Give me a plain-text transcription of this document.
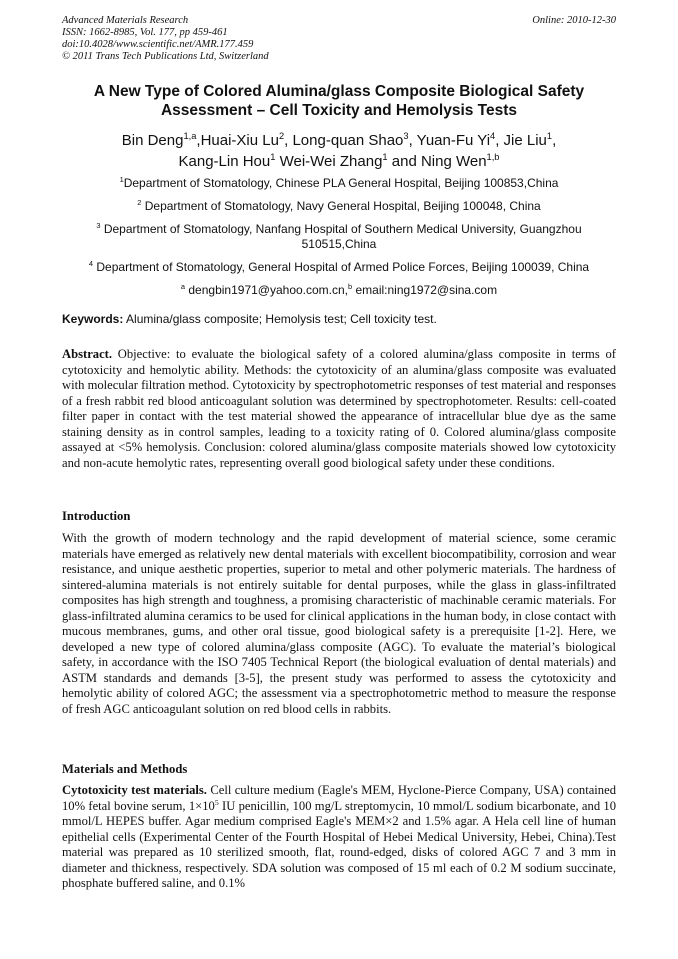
Advanced Materials Research
ISSN: 1662-8985, Vol. 177, pp 459-461
doi:10.4028/www.scientific.net/AMR.177.459
© 2011 Trans Tech Publications Ltd, Switzerland
Online: 2010-12-30
A New Type of Colored Alumina/glass Composite Biological Safety
Assessment – Cell Toxicity and Hemolysis Tests
Bin Deng$^{1,a}$,Huai-Xiu Lu$^2$, Long-quan Shao$^3$, Yuan-Fu Yi$^4$, Jie Liu$^1$,
Kang-Lin Hou$^1$ Wei-Wei Zhang$^1$ and Ning Wen$^{1,b}$
$^1$Department of Stomatology, Chinese PLA General Hospital, Beijing 100853,China
$^2$ Department of Stomatology, Navy General Hospital, Beijing 100048, China
$^3$ Department of Stomatology, Nanfang Hospital of Southern Medical University, Guangzhou 510515,China
$^4$ Department of Stomatology, General Hospital of Armed Police Forces, Beijing 100039, China
$^a$ dengbin1971@yahoo.com.cn,$^b$ email:ning1972@sina.com
Keywords: Alumina/glass composite; Hemolysis test; Cell toxicity test.
Abstract. Objective: to evaluate the biological safety of a colored alumina/glass composite in terms of cytotoxicity and hemolytic ability. Methods: the cytotoxicity of an alumina/glass composite was evaluated with molecular filtration method. Cytotoxicity by spectrophotometric responses of test material and responses of a fresh rabbit red blood anticoagulant solution was determined by spectrophotometer. Results: cell-coated filter paper in contact with the test material showed the appearance of intracellular blue dye as the same staining density as in control samples, leading to a toxicity rating of 0. Colored alumina/glass composite assayed at <5% hemolysis. Conclusion: colored alumina/glass composite materials showed low cytotoxicity and non-acute hemolytic rates, representing overall good biological safety under these conditions.
Introduction
With the growth of modern technology and the rapid development of material science, some ceramic materials have emerged as relatively new dental materials with excellent biocompatibility, corrosion and wear resistance, and unique aesthetic properties, superior to metal and other polymeric materials. The hardness of sintered-alumina materials is not entirely suitable for dental purposes, while the glass in glass-infiltrated composites has high strength and toughness, a promising characteristic of machinable ceramic materials. For glass-infiltrated alumina ceramics to be used for clinical applications in the human body, in close contact with mucous membranes, gums, and other oral tissue, good biological safety is a prerequisite [1-2]. Here, we developed a new type of colored alumina/glass composite (AGC). To evaluate the material’s biological safety, in accordance with the ISO 7405 Technical Report (the biological evaluation of dental materials) and ASTM standards and demands [3-5], the present study was performed to assess the cytotoxicity and hemolytic ability of colored AGC; the assessment via a spectrophotometric method to measure the response of fresh AGC anticoagulant solution on red blood cells in rabbits.
Materials and Methods
Cytotoxicity test materials. Cell culture medium (Eagle's MEM, Hyclone-Pierce Company, USA) contained 10% fetal bovine serum, $1\times 10^5$ IU penicillin, 100 mg/L streptomycin, 10 mmol/L sodium bicarbonate, and 10 mmol/L HEPES buffer. Agar medium comprised Eagle's MEM×2 and 1.5% agar. A Hela cell line of human epithelial cells (Experimental Center of the Fourth Hospital of Hebei Medical University, Hebei, China).Test material was prepared as 10 sterilized smooth, flat, round-edged, disks of colored AGC 7 and 3 mm in diameter and thickness, respectively. SDA solution was composed of 15 ml each of 0.2 M sodium succinate, phosphate buffered saline, and 0.1%
